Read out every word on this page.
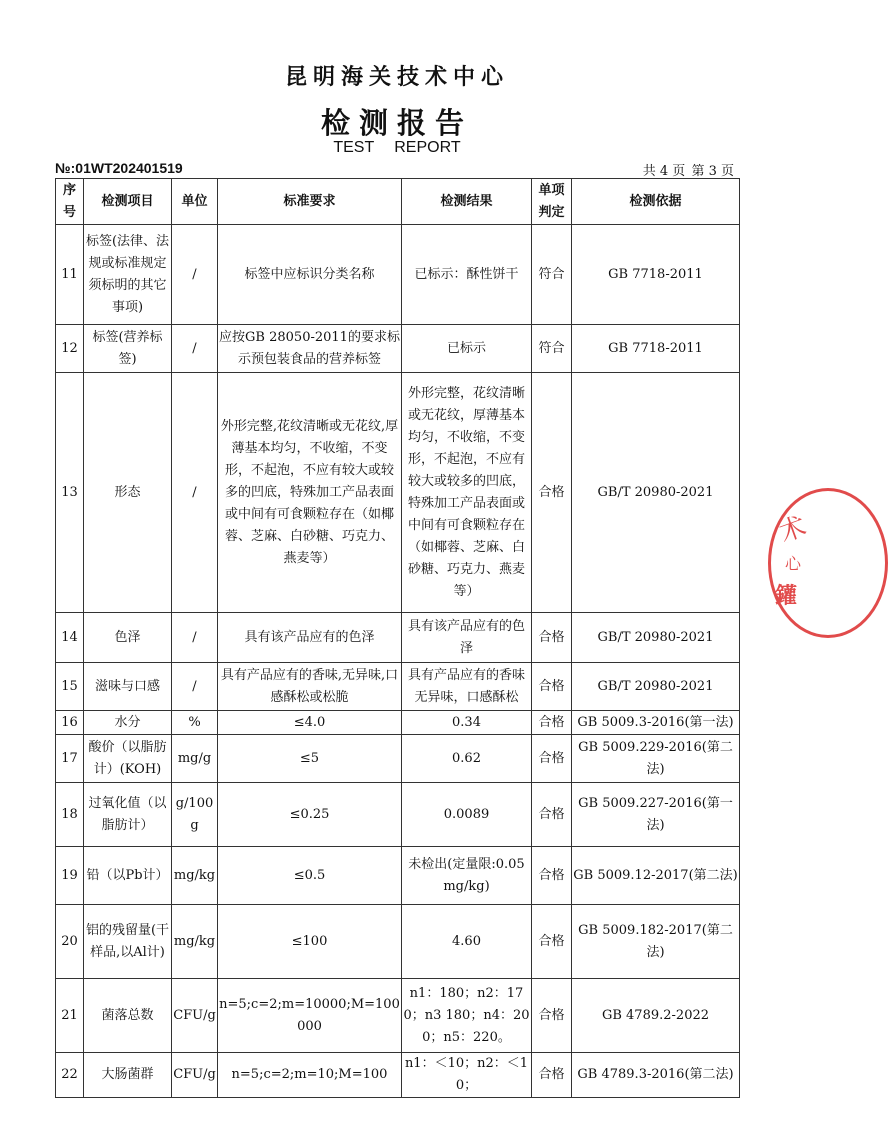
昆明海关技术中心
检测报告
TEST REPORT
№:01WT202401519	共 4 页 第 3 页
序号	检测项目	单位	标准要求	检测结果	单项判定	检测依据
11	标签(法律、法规或标准规定须标明的其它事项)	/	标签中应标识分类名称	已标示：酥性饼干	符合	GB 7718-2011
12	标签(营养标签)	/	应按GB 28050-2011的要求标示预包装食品的营养标签	已标示	符合	GB 7718-2011
13	形态	/	外形完整,花纹清晰或无花纹,厚薄基本均匀，不收缩，不变形，不起泡，不应有较大或较多的凹底，特殊加工产品表面或中间有可食颗粒存在（如椰蓉、芝麻、白砂糖、巧克力、燕麦等）	外形完整，花纹清晰或无花纹，厚薄基本均匀，不收缩，不变形，不起泡，不应有较大或较多的凹底，特殊加工产品表面或中间有可食颗粒存在（如椰蓉、芝麻、白砂糖、巧克力、燕麦等）	合格	GB/T 20980-2021
14	色泽	/	具有该产品应有的色泽	具有该产品应有的色泽	合格	GB/T 20980-2021
15	滋味与口感	/	具有产品应有的香味,无异味,口感酥松或松脆	具有产品应有的香味无异味，口感酥松	合格	GB/T 20980-2021
16	水分	%	≤4.0	0.34	合格	GB 5009.3-2016(第一法)
17	酸价（以脂肪计）(KOH)	mg/g	≤5	0.62	合格	GB 5009.229-2016(第二法)
18	过氧化值（以脂肪计）	g/100g	≤0.25	0.0089	合格	GB 5009.227-2016(第一法)
19	铅（以Pb计）	mg/kg	≤0.5	未检出(定量限:0.05mg/kg)	合格	GB 5009.12-2017(第二法)
20	铝的残留量(干样品,以Al计)	mg/kg	≤100	4.60	合格	GB 5009.182-2017(第二法)
21	菌落总数	CFU/g	n=5;c=2;m=10000;M=100000	n1：180；n2：170；n3 180；n4：200；n5：220。	合格	GB 4789.2-2022
22	大肠菌群	CFU/g	n=5;c=2;m=10;M=100	n1：＜10；n2：＜10；	合格	GB 4789.3-2016(第二法)
术
心
鑵
